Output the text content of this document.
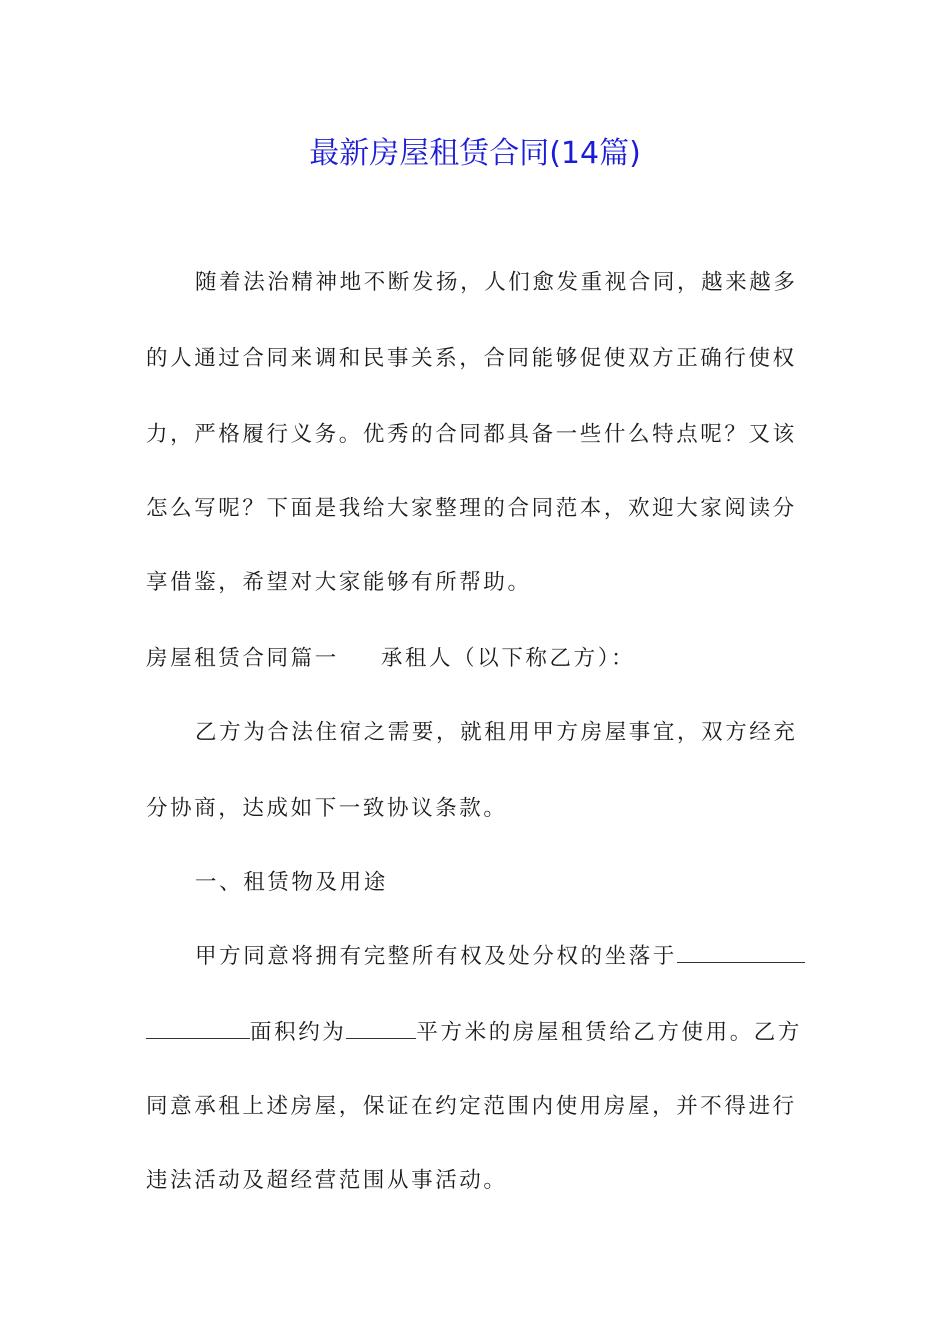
最新房屋租赁合同(14篇)

随着法治精神地不断发扬，人们愈发重视合同，越来越多

的人通过合同来调和民事关系，合同能够促使双方正确行使权

力，严格履行义务。优秀的合同都具备一些什么特点呢？又该

怎么写呢？下面是我给大家整理的合同范本，欢迎大家阅读分

享借鉴，希望对大家能够有所帮助。

房屋租赁合同篇一 承租人（以下称乙方）：

乙方为合法住宿之需要，就租用甲方房屋事宜，双方经充

分协商，达成如下一致协议条款。

一、租赁物及用途

甲方同意将拥有完整所有权及处分权的坐落于

面积约为	平方米的房屋租赁给乙方使用。乙方

同意承租上述房屋，保证在约定范围内使用房屋，并不得进行

违法活动及超经营范围从事活动。
